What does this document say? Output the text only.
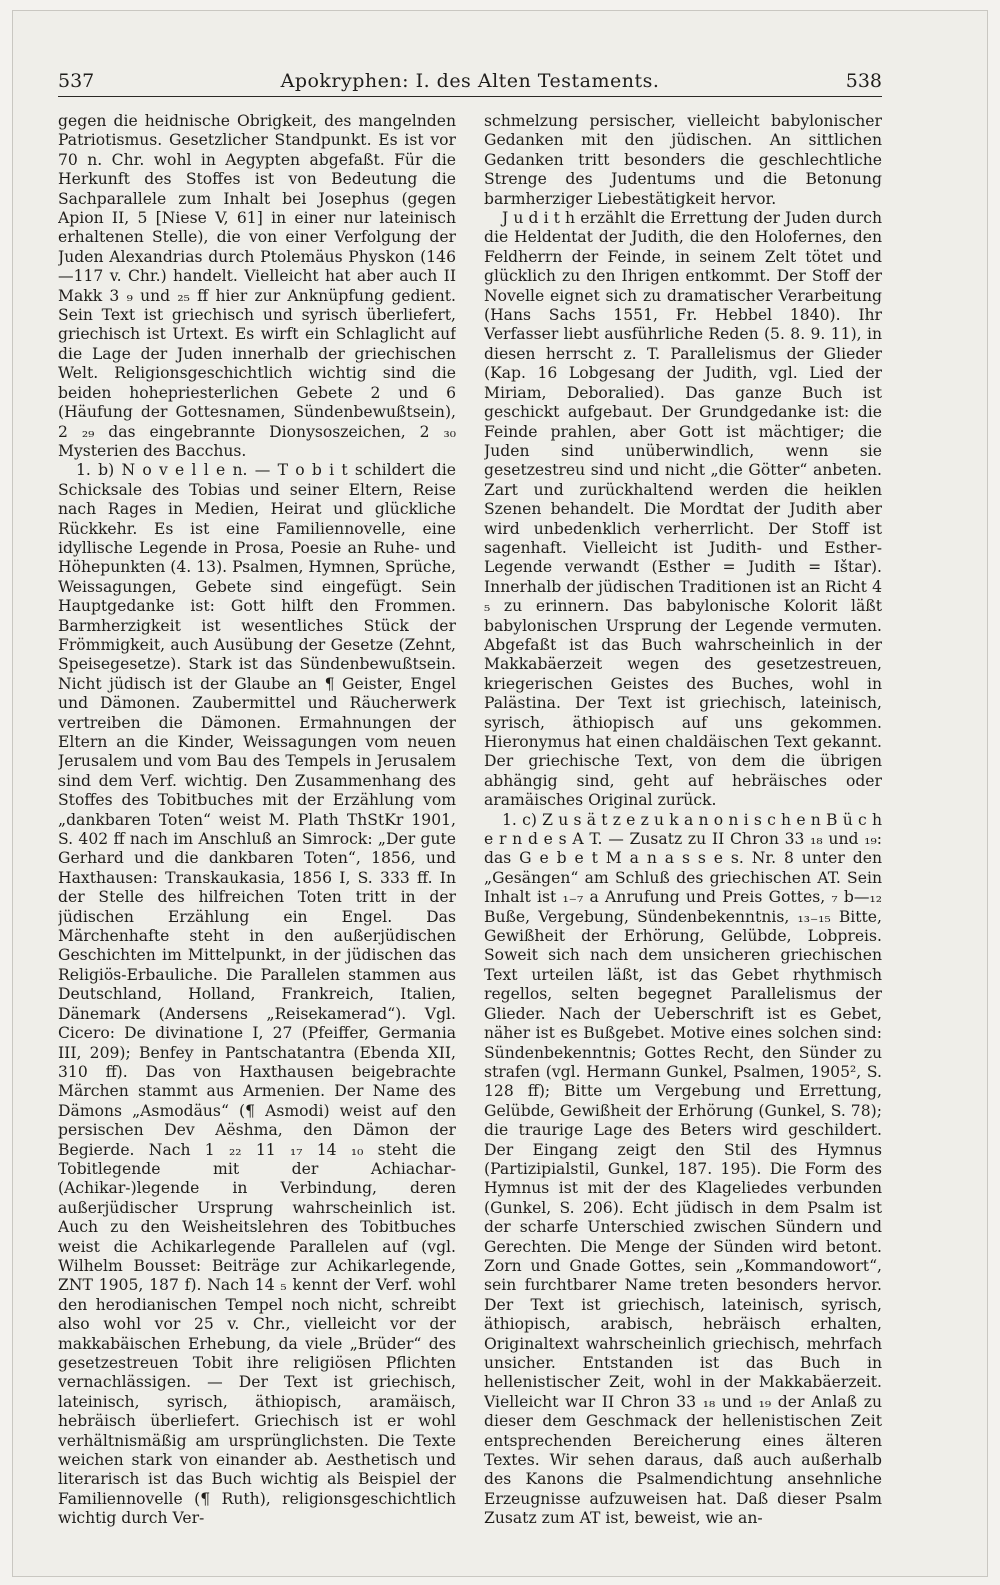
537	Apokryphen: I. des Alten Testaments.	538

gegen die heidnische Obrigkeit, des mangelnden Patriotismus. Gesetzlicher Standpunkt. Es ist vor 70 n. Chr. wohl in Aegypten abgefaßt. Für die Herkunft des Stoffes ist von Bedeutung die Sachparallele zum Inhalt bei Josephus (gegen Apion II, 5 [Niese V, 61] in einer nur lateinisch erhaltenen Stelle), die von einer Verfolgung der Juden Alexandrias durch Ptolemäus Physkon (146—117 v. Chr.) handelt. Vielleicht hat aber auch II Makk 3 ₉ und ₂₅ ff hier zur Anknüpfung gedient. Sein Text ist griechisch und syrisch überliefert, griechisch ist Urtext. Es wirft ein Schlaglicht auf die Lage der Juden innerhalb der griechischen Welt. Religionsgeschichtlich wichtig sind die beiden hohepriesterlichen Gebete 2 und 6 (Häufung der Gottesnamen, Sündenbewußtsein), 2 ₂₉ das eingebrannte Dionysoszeichen, 2 ₃₀ Mysterien des Bacchus.

1. b) N o v e l l e n. — T o b i t schildert die Schicksale des Tobias und seiner Eltern, Reise nach Rages in Medien, Heirat und glückliche Rückkehr. Es ist eine Familiennovelle, eine idyllische Legende in Prosa, Poesie an Ruhe- und Höhepunkten (4. 13). Psalmen, Hymnen, Sprüche, Weissagungen, Gebete sind eingefügt. Sein Hauptgedanke ist: Gott hilft den Frommen. Barmherzigkeit ist wesentliches Stück der Frömmigkeit, auch Ausübung der Gesetze (Zehnt, Speisegesetze). Stark ist das Sündenbewußtsein. Nicht jüdisch ist der Glaube an ¶ Geister, Engel und Dämonen. Zaubermittel und Räucherwerk vertreiben die Dämonen. Ermahnungen der Eltern an die Kinder, Weissagungen vom neuen Jerusalem und vom Bau des Tempels in Jerusalem sind dem Verf. wichtig. Den Zusammenhang des Stoffes des Tobitbuches mit der Erzählung vom „dankbaren Toten“ weist M. Plath ThStKr 1901, S. 402 ff nach im Anschluß an Simrock: „Der gute Gerhard und die dankbaren Toten“, 1856, und Haxthausen: Transkaukasia, 1856 I, S. 333 ff. In der Stelle des hilfreichen Toten tritt in der jüdischen Erzählung ein Engel. Das Märchenhafte steht in den außerjüdischen Geschichten im Mittelpunkt, in der jüdischen das Religiös-Erbauliche. Die Parallelen stammen aus Deutschland, Holland, Frankreich, Italien, Dänemark (Andersens „Reisekamerad“). Vgl. Cicero: De divinatione I, 27 (Pfeiffer, Germania III, 209); Benfey in Pantschatantra (Ebenda XII, 310 ff). Das von Haxthausen beigebrachte Märchen stammt aus Armenien. Der Name des Dämons „Asmodäus“ (¶ Asmodi) weist auf den persischen Dev Aëshma, den Dämon der Begierde. Nach 1 ₂₂ 11 ₁₇ 14 ₁₀ steht die Tobitlegende mit der Achiachar- (Achikar-)legende in Verbindung, deren außerjüdischer Ursprung wahrscheinlich ist. Auch zu den Weisheitslehren des Tobitbuches weist die Achikarlegende Parallelen auf (vgl. Wilhelm Bousset: Beiträge zur Achikarlegende, ZNT 1905, 187 f). Nach 14 ₅ kennt der Verf. wohl den herodianischen Tempel noch nicht, schreibt also wohl vor 25 v. Chr., vielleicht vor der makkabäischen Erhebung, da viele „Brüder“ des gesetzestreuen Tobit ihre religiösen Pflichten vernachlässigen. — Der Text ist griechisch, lateinisch, syrisch, äthiopisch, aramäisch, hebräisch überliefert. Griechisch ist er wohl verhältnismäßig am ursprünglichsten. Die Texte weichen stark von einander ab. Aesthetisch und literarisch ist das Buch wichtig als Beispiel der Familiennovelle (¶ Ruth), religionsgeschichtlich wichtig durch Ver-

schmelzung persischer, vielleicht babylonischer Gedanken mit den jüdischen. An sittlichen Gedanken tritt besonders die geschlechtliche Strenge des Judentums und die Betonung barmherziger Liebestätigkeit hervor.

J u d i t h erzählt die Errettung der Juden durch die Heldentat der Judith, die den Holofernes, den Feldherrn der Feinde, in seinem Zelt tötet und glücklich zu den Ihrigen entkommt. Der Stoff der Novelle eignet sich zu dramatischer Verarbeitung (Hans Sachs 1551, Fr. Hebbel 1840). Ihr Verfasser liebt ausführliche Reden (5. 8. 9. 11), in diesen herrscht z. T. Parallelismus der Glieder (Kap. 16 Lobgesang der Judith, vgl. Lied der Miriam, Deboralied). Das ganze Buch ist geschickt aufgebaut. Der Grundgedanke ist: die Feinde prahlen, aber Gott ist mächtiger; die Juden sind unüberwindlich, wenn sie gesetzestreu sind und nicht „die Götter“ anbeten. Zart und zurückhaltend werden die heiklen Szenen behandelt. Die Mordtat der Judith aber wird unbedenklich verherrlicht. Der Stoff ist sagenhaft. Vielleicht ist Judith- und Esther-Legende verwandt (Esther = Judith = Ištar). Innerhalb der jüdischen Traditionen ist an Richt 4 ₅ zu erinnern. Das babylonische Kolorit läßt babylonischen Ursprung der Legende vermuten. Abgefaßt ist das Buch wahrscheinlich in der Makkabäerzeit wegen des gesetzestreuen, kriegerischen Geistes des Buches, wohl in Palästina. Der Text ist griechisch, lateinisch, syrisch, äthiopisch auf uns gekommen. Hieronymus hat einen chaldäischen Text gekannt. Der griechische Text, von dem die übrigen abhängig sind, geht auf hebräisches oder aramäisches Original zurück.

1. c) Z u s ä t z e z u k a n o n i s c h e n B ü c h e r n d e s A T. — Zusatz zu II Chron 33 ₁₈ und ₁₉: das G e b e t M a n a s s e s. Nr. 8 unter den „Gesängen“ am Schluß des griechischen AT. Sein Inhalt ist ₁₋₇ a Anrufung und Preis Gottes, ₇ b—₁₂ Buße, Vergebung, Sündenbekenntnis, ₁₃₋₁₅ Bitte, Gewißheit der Erhörung, Gelübde, Lobpreis. Soweit sich nach dem unsicheren griechischen Text urteilen läßt, ist das Gebet rhythmisch regellos, selten begegnet Parallelismus der Glieder. Nach der Ueberschrift ist es Gebet, näher ist es Bußgebet. Motive eines solchen sind: Sündenbekenntnis; Gottes Recht, den Sünder zu strafen (vgl. Hermann Gunkel, Psalmen, 1905², S. 128 ff); Bitte um Vergebung und Errettung, Gelübde, Gewißheit der Erhörung (Gunkel, S. 78); die traurige Lage des Beters wird geschildert. Der Eingang zeigt den Stil des Hymnus (Partizipialstil, Gunkel, 187. 195). Die Form des Hymnus ist mit der des Klageliedes verbunden (Gunkel, S. 206). Echt jüdisch in dem Psalm ist der scharfe Unterschied zwischen Sündern und Gerechten. Die Menge der Sünden wird betont. Zorn und Gnade Gottes, sein „Kommandowort“, sein furchtbarer Name treten besonders hervor. Der Text ist griechisch, lateinisch, syrisch, äthiopisch, arabisch, hebräisch erhalten, Originaltext wahrscheinlich griechisch, mehrfach unsicher. Entstanden ist das Buch in hellenistischer Zeit, wohl in der Makkabäerzeit. Vielleicht war II Chron 33 ₁₈ und ₁₉ der Anlaß zu dieser dem Geschmack der hellenistischen Zeit entsprechenden Bereicherung eines älteren Textes. Wir sehen daraus, daß auch außerhalb des Kanons die Psalmendichtung ansehnliche Erzeugnisse aufzuweisen hat. Daß dieser Psalm Zusatz zum AT ist, beweist, wie an-
